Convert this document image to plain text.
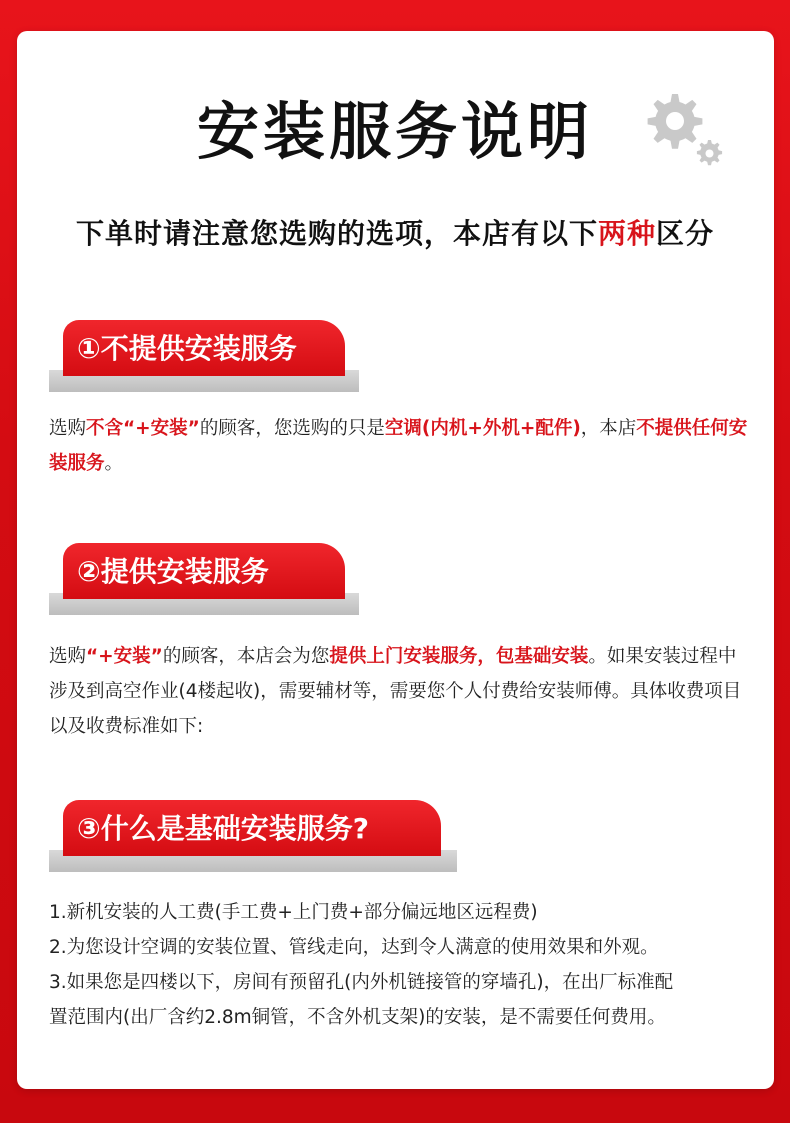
安装服务说明
下单时请注意您选购的选项，本店有以下两种区分
①不提供安装服务
选购不含“+安装”的顾客，您选购的只是空调(内机+外机+配件)，本店不提供任何安装服务。
②提供安装服务
选购“+安装”的顾客，本店会为您提供上门安装服务，包基础安装。如果安装过程中涉及到高空作业(4楼起收)，需要辅材等，需要您个人付费给安装师傅。具体收费项目以及收费标准如下:
③什么是基础安装服务?
1.新机安装的人工费(手工费+上门费+部分偏远地区远程费)
2.为您设计空调的安装位置、管线走向，达到令人满意的使用效果和外观。
3.如果您是四楼以下，房间有预留孔(内外机链接管的穿墙孔)，在出厂标准配
置范围内(出厂含约2.8m铜管，不含外机支架)的安装，是不需要任何费用。
